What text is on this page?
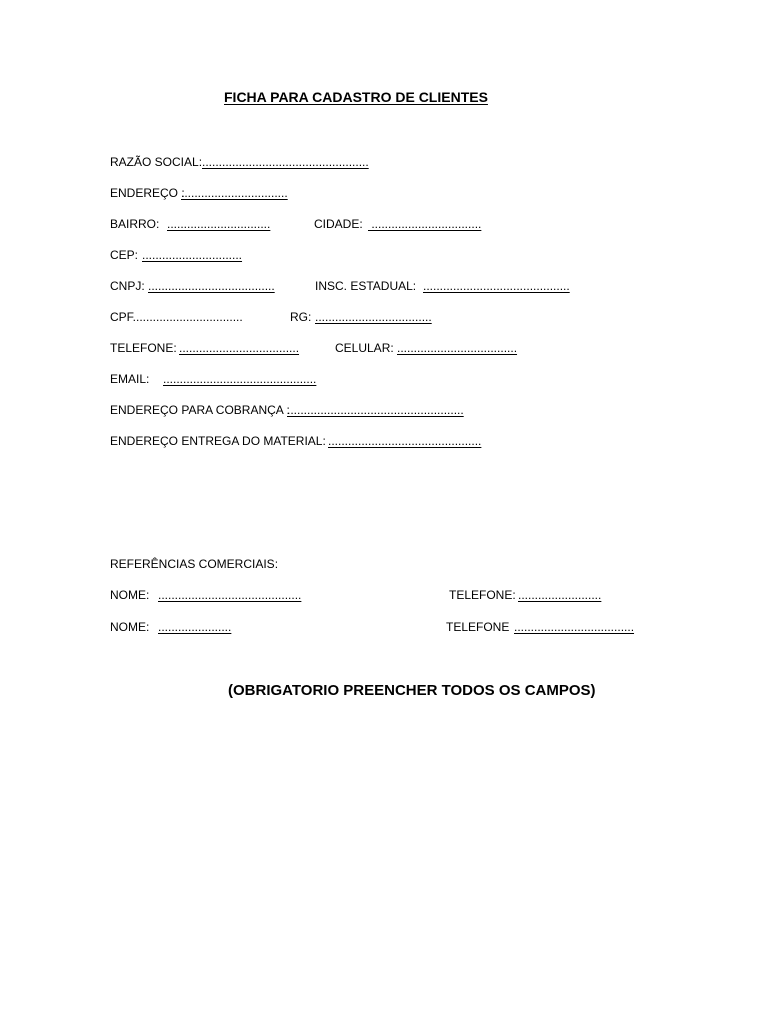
FICHA PARA CADASTRO DE CLIENTES
RAZÃO SOCIAL:
..................................................
ENDEREÇO :
................................
BAIRRO: ...............................	CIDADE: .................................
CEP: ..............................
CNPJ: ......................................	INSC. ESTADUAL: ............................................
CPF.................................	RG: ...................................
TELEFONE: ....................................	CELULAR: ....................................
EMAIL: ..............................................
ENDEREÇO PARA COBRANÇA :
.....................................................
ENDEREÇO ENTREGA DO MATERIAL: ..............................................
REFERÊNCIAS COMERCIAIS:
NOME: ...........................................	TELEFONE: .........................
NOME: ......................	TELEFONE ....................................
(OBRIGATORIO PREENCHER TODOS OS CAMPOS)
